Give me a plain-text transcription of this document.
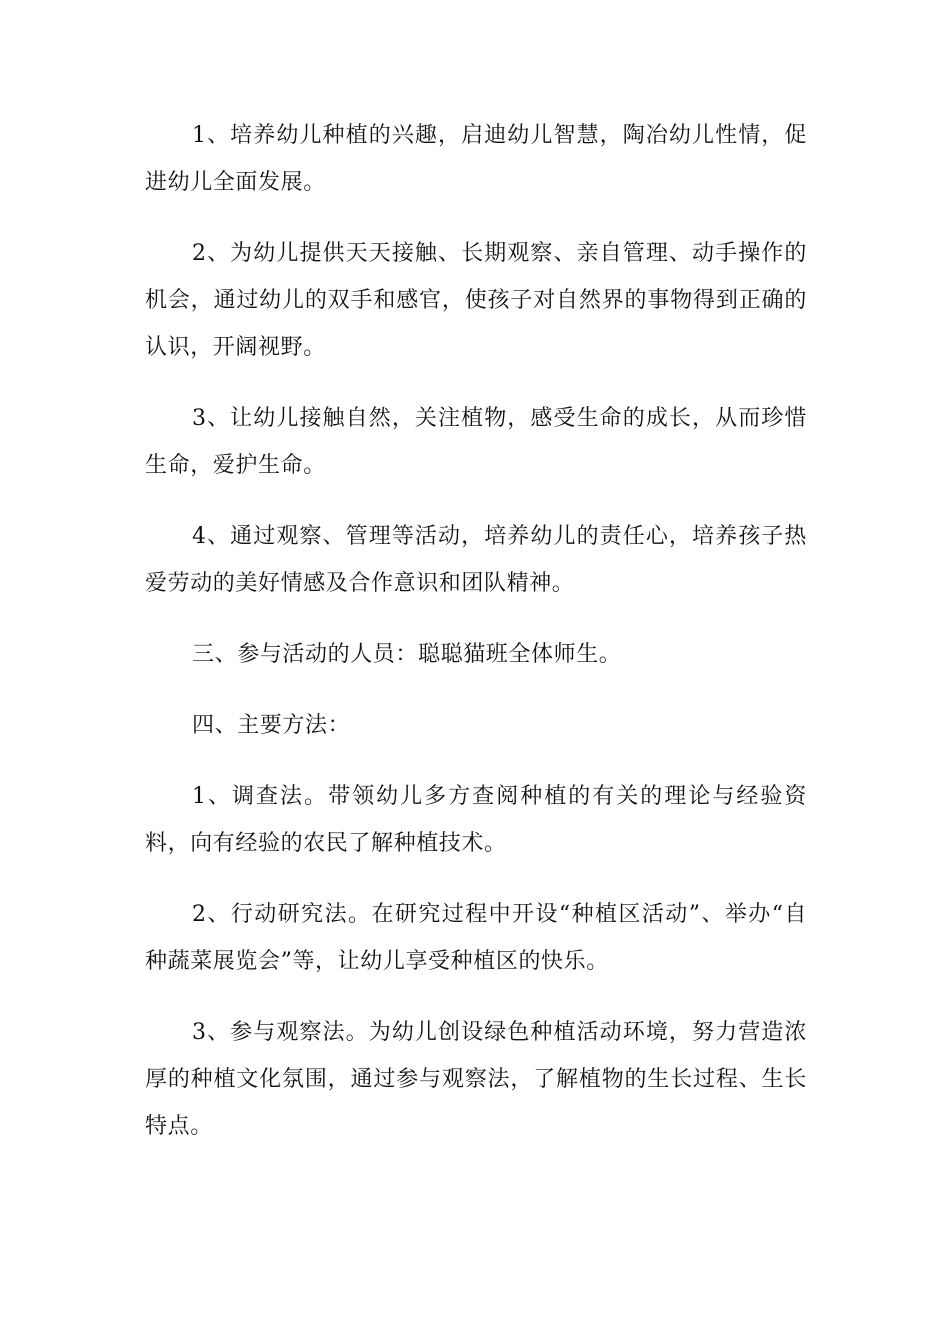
1、培养幼儿种植的兴趣，启迪幼儿智慧，陶冶幼儿性情，促进幼儿全面发展。

2、为幼儿提供天天接触、长期观察、亲自管理、动手操作的机会，通过幼儿的双手和感官，使孩子对自然界的事物得到正确的认识，开阔视野。

3、让幼儿接触自然，关注植物，感受生命的成长，从而珍惜生命，爱护生命。

4、通过观察、管理等活动，培养幼儿的责任心，培养孩子热爱劳动的美好情感及合作意识和团队精神。

三、参与活动的人员：聪聪猫班全体师生。

四、主要方法：

1、调查法。带领幼儿多方查阅种植的有关的理论与经验资料，向有经验的农民了解种植技术。

2、行动研究法。在研究过程中开设“种植区活动”、举办“自种蔬菜展览会”等，让幼儿享受种植区的快乐。

3、参与观察法。为幼儿创设绿色种植活动环境，努力营造浓厚的种植文化氛围，通过参与观察法，了解植物的生长过程、生长特点。
